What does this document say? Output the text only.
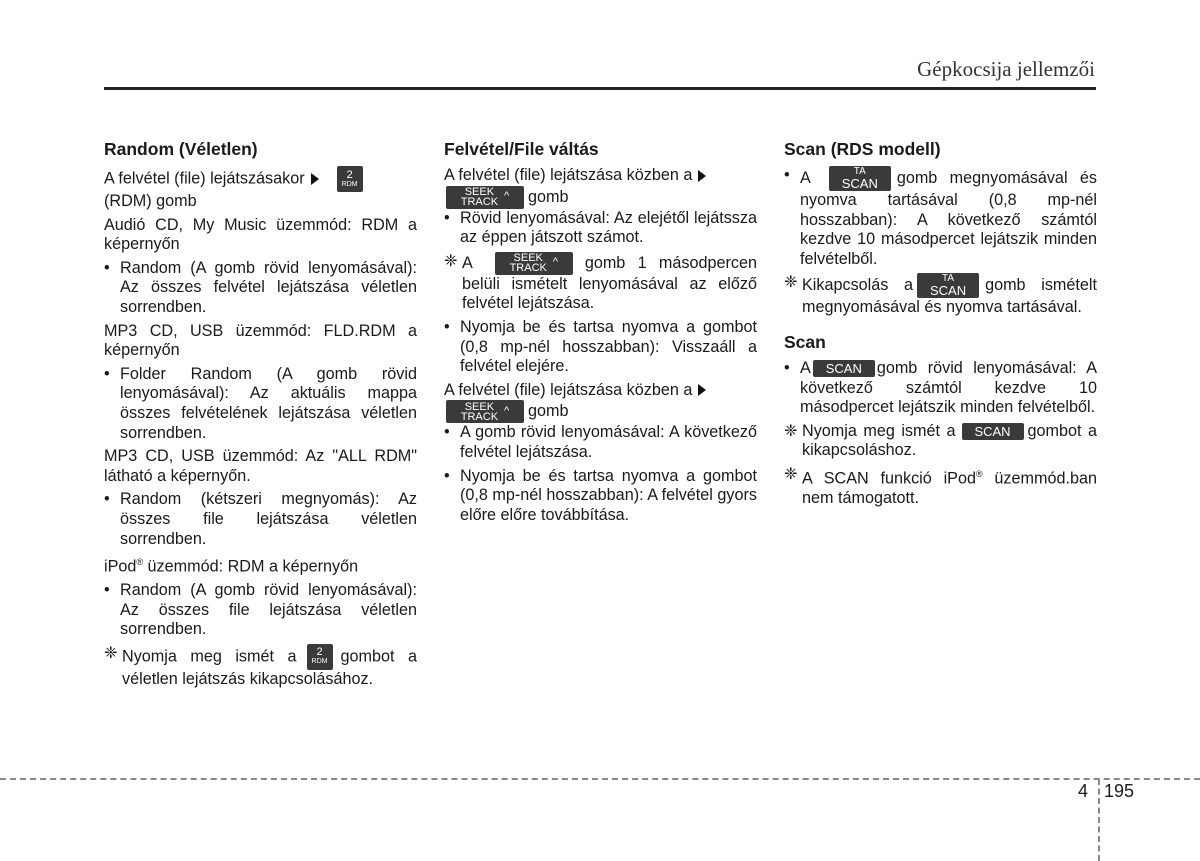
Gépkocsija jellemzői
Random (Véletlen)

A felvétel (file) lejátszásakor	2
RDM

(RDM) gomb

Audió CD, My Music üzemmód: RDM a képernyőn

• Random (A gomb rövid lenyomásával): Az összes felvétel lejátszása véletlen sorrendben.

MP3 CD, USB üzemmód: FLD.RDM a képernyőn

• Folder Random (A gomb rövid lenyomásával): Az aktuális mappa összes felvételének lejátszása véletlen sorrendben.

MP3 CD, USB üzemmód: Az "ALL RDM" látható a képernyőn.

• Random (kétszeri megnyomás): Az összes file lejátszása véletlen sorrendben.

iPod® üzemmód: RDM a képernyőn

• Random (A gomb rövid lenyomásával): Az összes file lejátszása véletlen sorrendben.

❈ Nyomja meg ismét a 2
RDM gombot a véletlen lejátszás kikapcsolásához.

Felvétel/File váltás

A felvétel (file) lejátszása közben a

SEEK
TRACK ^ gomb

• Rövid lenyomásával: Az elejétől lejátssza az éppen játszott számot.

❈ A	SEEK
TRACK ^ gomb 1 másodpercen belüli ismételt lenyomásával az előző felvétel lejátszása.

• Nyomja be és tartsa nyomva a gombot (0,8 mp-nél hosszabban): Visszaáll a felvétel elejére.

A felvétel (file) lejátszása közben a

SEEK
TRACK ^ gomb

• A gomb rövid lenyomásával: A következő felvétel lejátszása.

• Nyomja be és tartsa nyomva a gombot (0,8 mp-nél hosszabban): A felvétel gyors előre előre továbbítása.

Scan (RDS modell)

• A	TA
SCAN gomb megnyomásával és nyomva tartásával (0,8 mp-nél hosszabban): A következő számtól kezdve 10 másodpercet lejátszik minden felvételből.

❈ Kikapcsolás a	TA
SCAN gomb ismételt megnyomásával és nyomva tartásával.

Scan

• A SCAN gomb rövid lenyomásával: A következő számtól kezdve 10 másodpercet lejátszik minden felvételből.

❈ Nyomja meg ismét a SCAN gombot a kikapcsoláshoz.

❈ A SCAN funkció iPod® üzemmód.ban nem támogatott.

4 195
